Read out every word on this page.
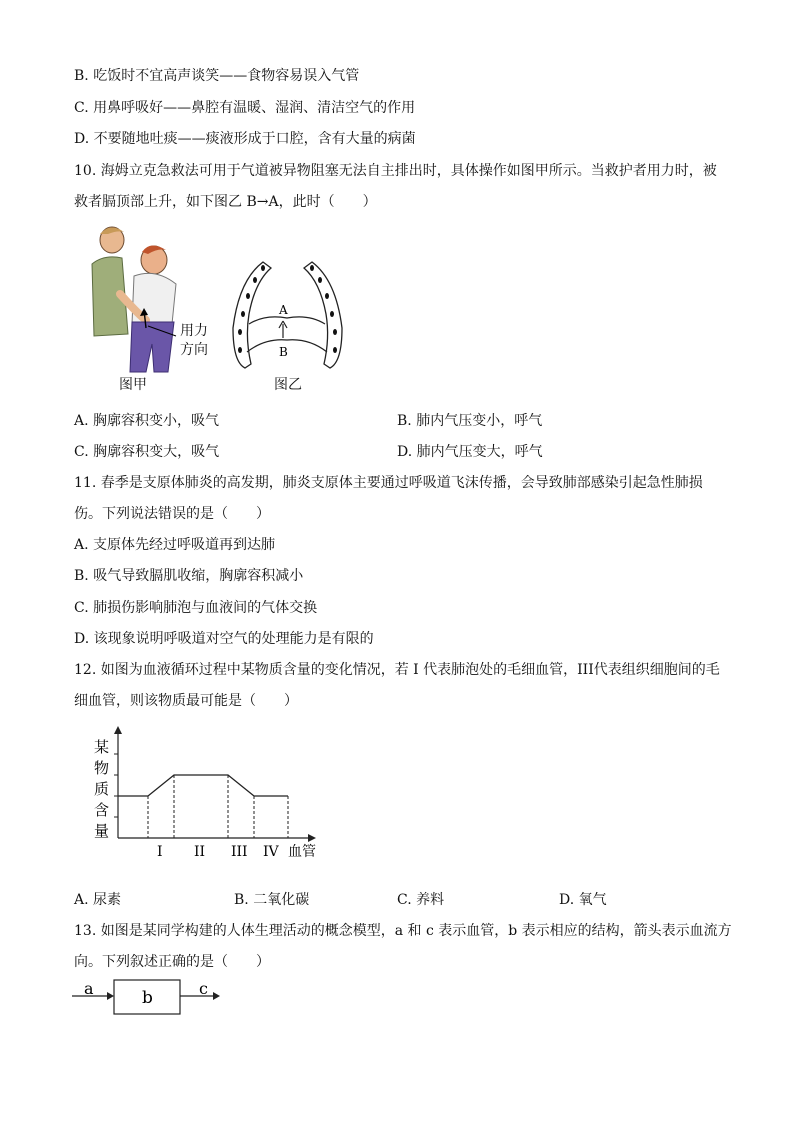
B. 吃饭时不宜高声谈笑——食物容易误入气管
C. 用鼻呼吸好——鼻腔有温暖、湿润、清洁空气的作用
D. 不要随地吐痰——痰液形成于口腔，含有大量的病菌
10. 海姆立克急救法可用于气道被异物阻塞无法自主排出时，具体操作如图甲所示。当救护者用力时，被
救者膈顶部上升，如下图乙 B→A，此时（　　）
用力
方向
图甲
A
B
图乙
A. 胸廓容积变小，吸气	B. 肺内气压变小，呼气
C. 胸廓容积变大，吸气	D. 肺内气压变大，呼气
11. 春季是支原体肺炎的高发期，肺炎支原体主要通过呼吸道飞沫传播，会导致肺部感染引起急性肺损
伤。下列说法错误的是（　　）
A. 支原体先经过呼吸道再到达肺
B. 吸气导致膈肌收缩，胸廓容积减小
C. 肺损伤影响肺泡与血液间的气体交换
D. 该现象说明呼吸道对空气的处理能力是有限的
12. 如图为血液循环过程中某物质含量的变化情况，若 I 代表肺泡处的毛细血管，III代表组织细胞间的毛
细血管，则该物质最可能是（　　）
某
物
质
含
量
I II III IV 血管
A. 尿素	B. 二氧化碳	C. 养料	D. 氧气
13. 如图是某同学构建的人体生理活动的概念模型，a 和 c 表示血管，b 表示相应的结构，箭头表示血流方
向。下列叙述正确的是（　　）
a	b	c
